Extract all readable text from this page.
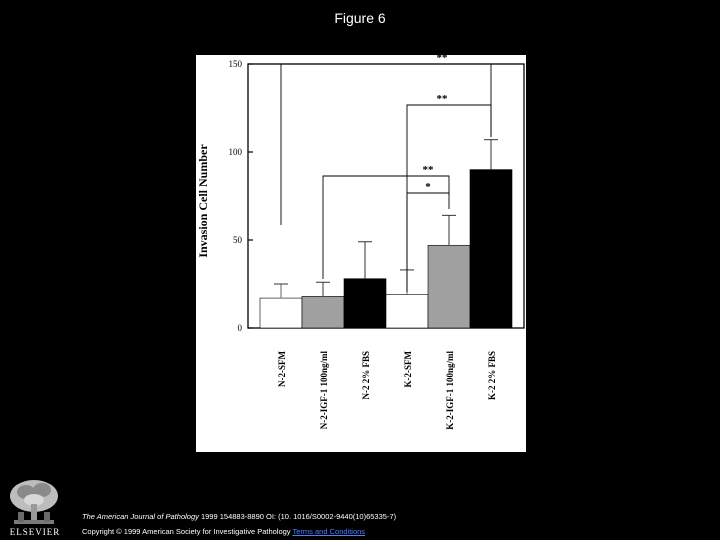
Figure 6
**
**
**
*
0
50
100
150
Invasion Cell Number
N-2-SFM	N-2-IGF-1 100ng/ml	N-2 2% FBS	K-2-SFM	K-2-IGF-1 100ng/ml	K-2 2% FBS
ELSEVIER
The American Journal of Pathology 1999 154883-8890 OI: (10. 1016/S0002-9440(10)65335-7)
Copyright © 1999 American Society for Investigative Pathology Terms and Conditions
